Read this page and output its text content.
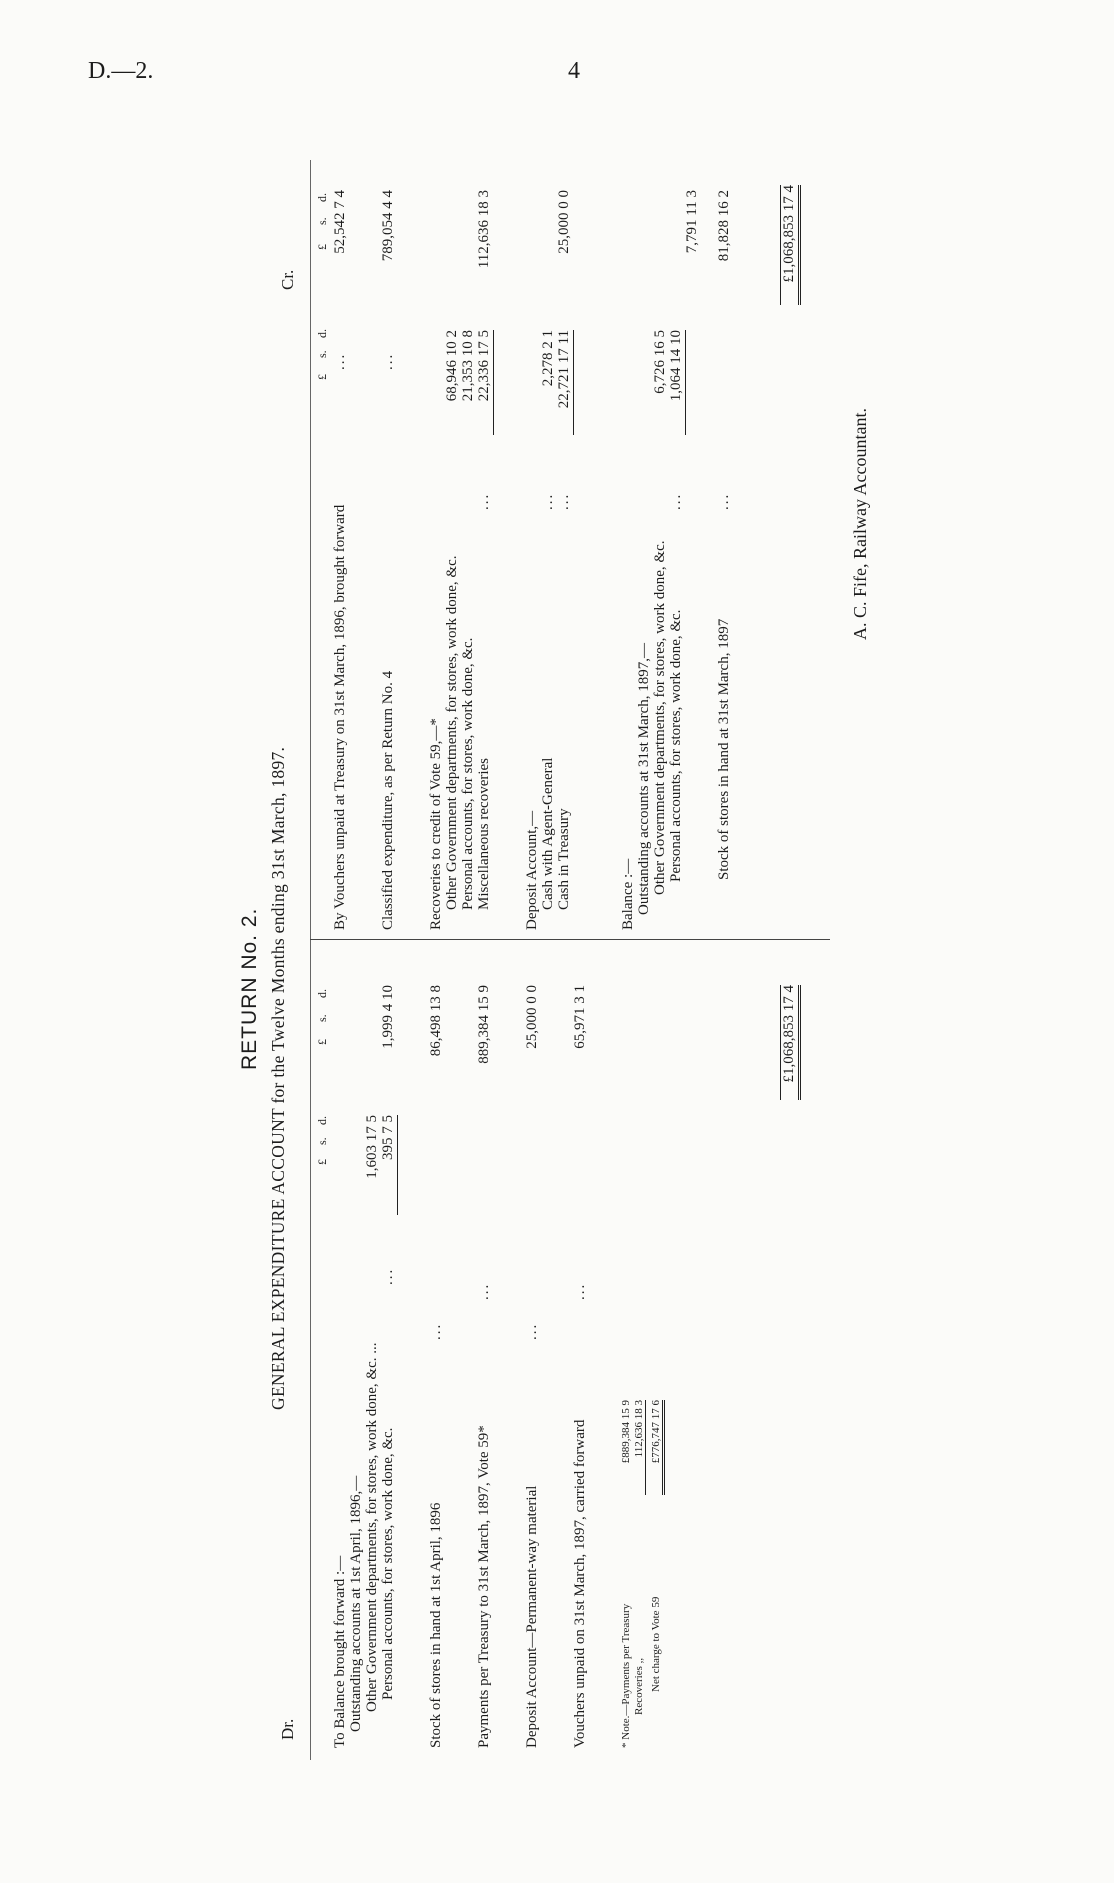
D.—2.	4
RETURN No. 2. GENERAL EXPENDITURE ACCOUNT for the Twelve Months ending 31st March, 1897.
Dr.
Cr.
£
s.
d.
£
s.
d.
To Balance brought forward :— Outstanding accounts at 1st April, 1896,— Other Government departments, for stores, work done, &c. ...
1,603 17 5
Personal accounts, for stores, work done, &c.
...
395 7 5
1,999 4 10
Stock of stores in hand at 1st April, 1896
...
86,498 13 8
Payments per Treasury to 31st March, 1897, Vote 59*
...
889,384 15 9
Deposit Account—Permanent-way material
...
25,000 0 0
Vouchers unpaid on 31st March, 1897, carried forward
...
65,971 3 1
* Note.—Payments per Treasury
£889,384 15 9
Recoveries ,,
112,636 18 3
Net charge to Vote 59
£776,747 17 6
£1,068,853 17 4
£
s.
d.
£
s.
d.
By Vouchers unpaid at Treasury on 31st March, 1896, brought forward
...
52,542 7 4
Classified expenditure, as per Return No. 4
...
789,054 4 4
Recoveries to credit of Vote 59,—* Other Government departments, for stores, work done, &c.
68,946 10 2
Personal accounts, for stores, work done, &c.
21,353 10 8
Miscellaneous recoveries
...
22,336 17 5
112,636 18 3
Deposit Account,— Cash with Agent-General
...
2,278 2 1
Cash in Treasury
...
22,721 17 11
25,000 0 0
Balance :— Outstanding accounts at 31st March, 1897,— Other Government departments, for stores, work done, &c.
6,726 16 5
Personal accounts, for stores, work done, &c.
...
1,064 14 10
7,791 11 3
Stock of stores in hand at 31st March, 1897
...
81,828 16 2	£1,068,853 17 4
A. C. Fife, Railway Accountant.
